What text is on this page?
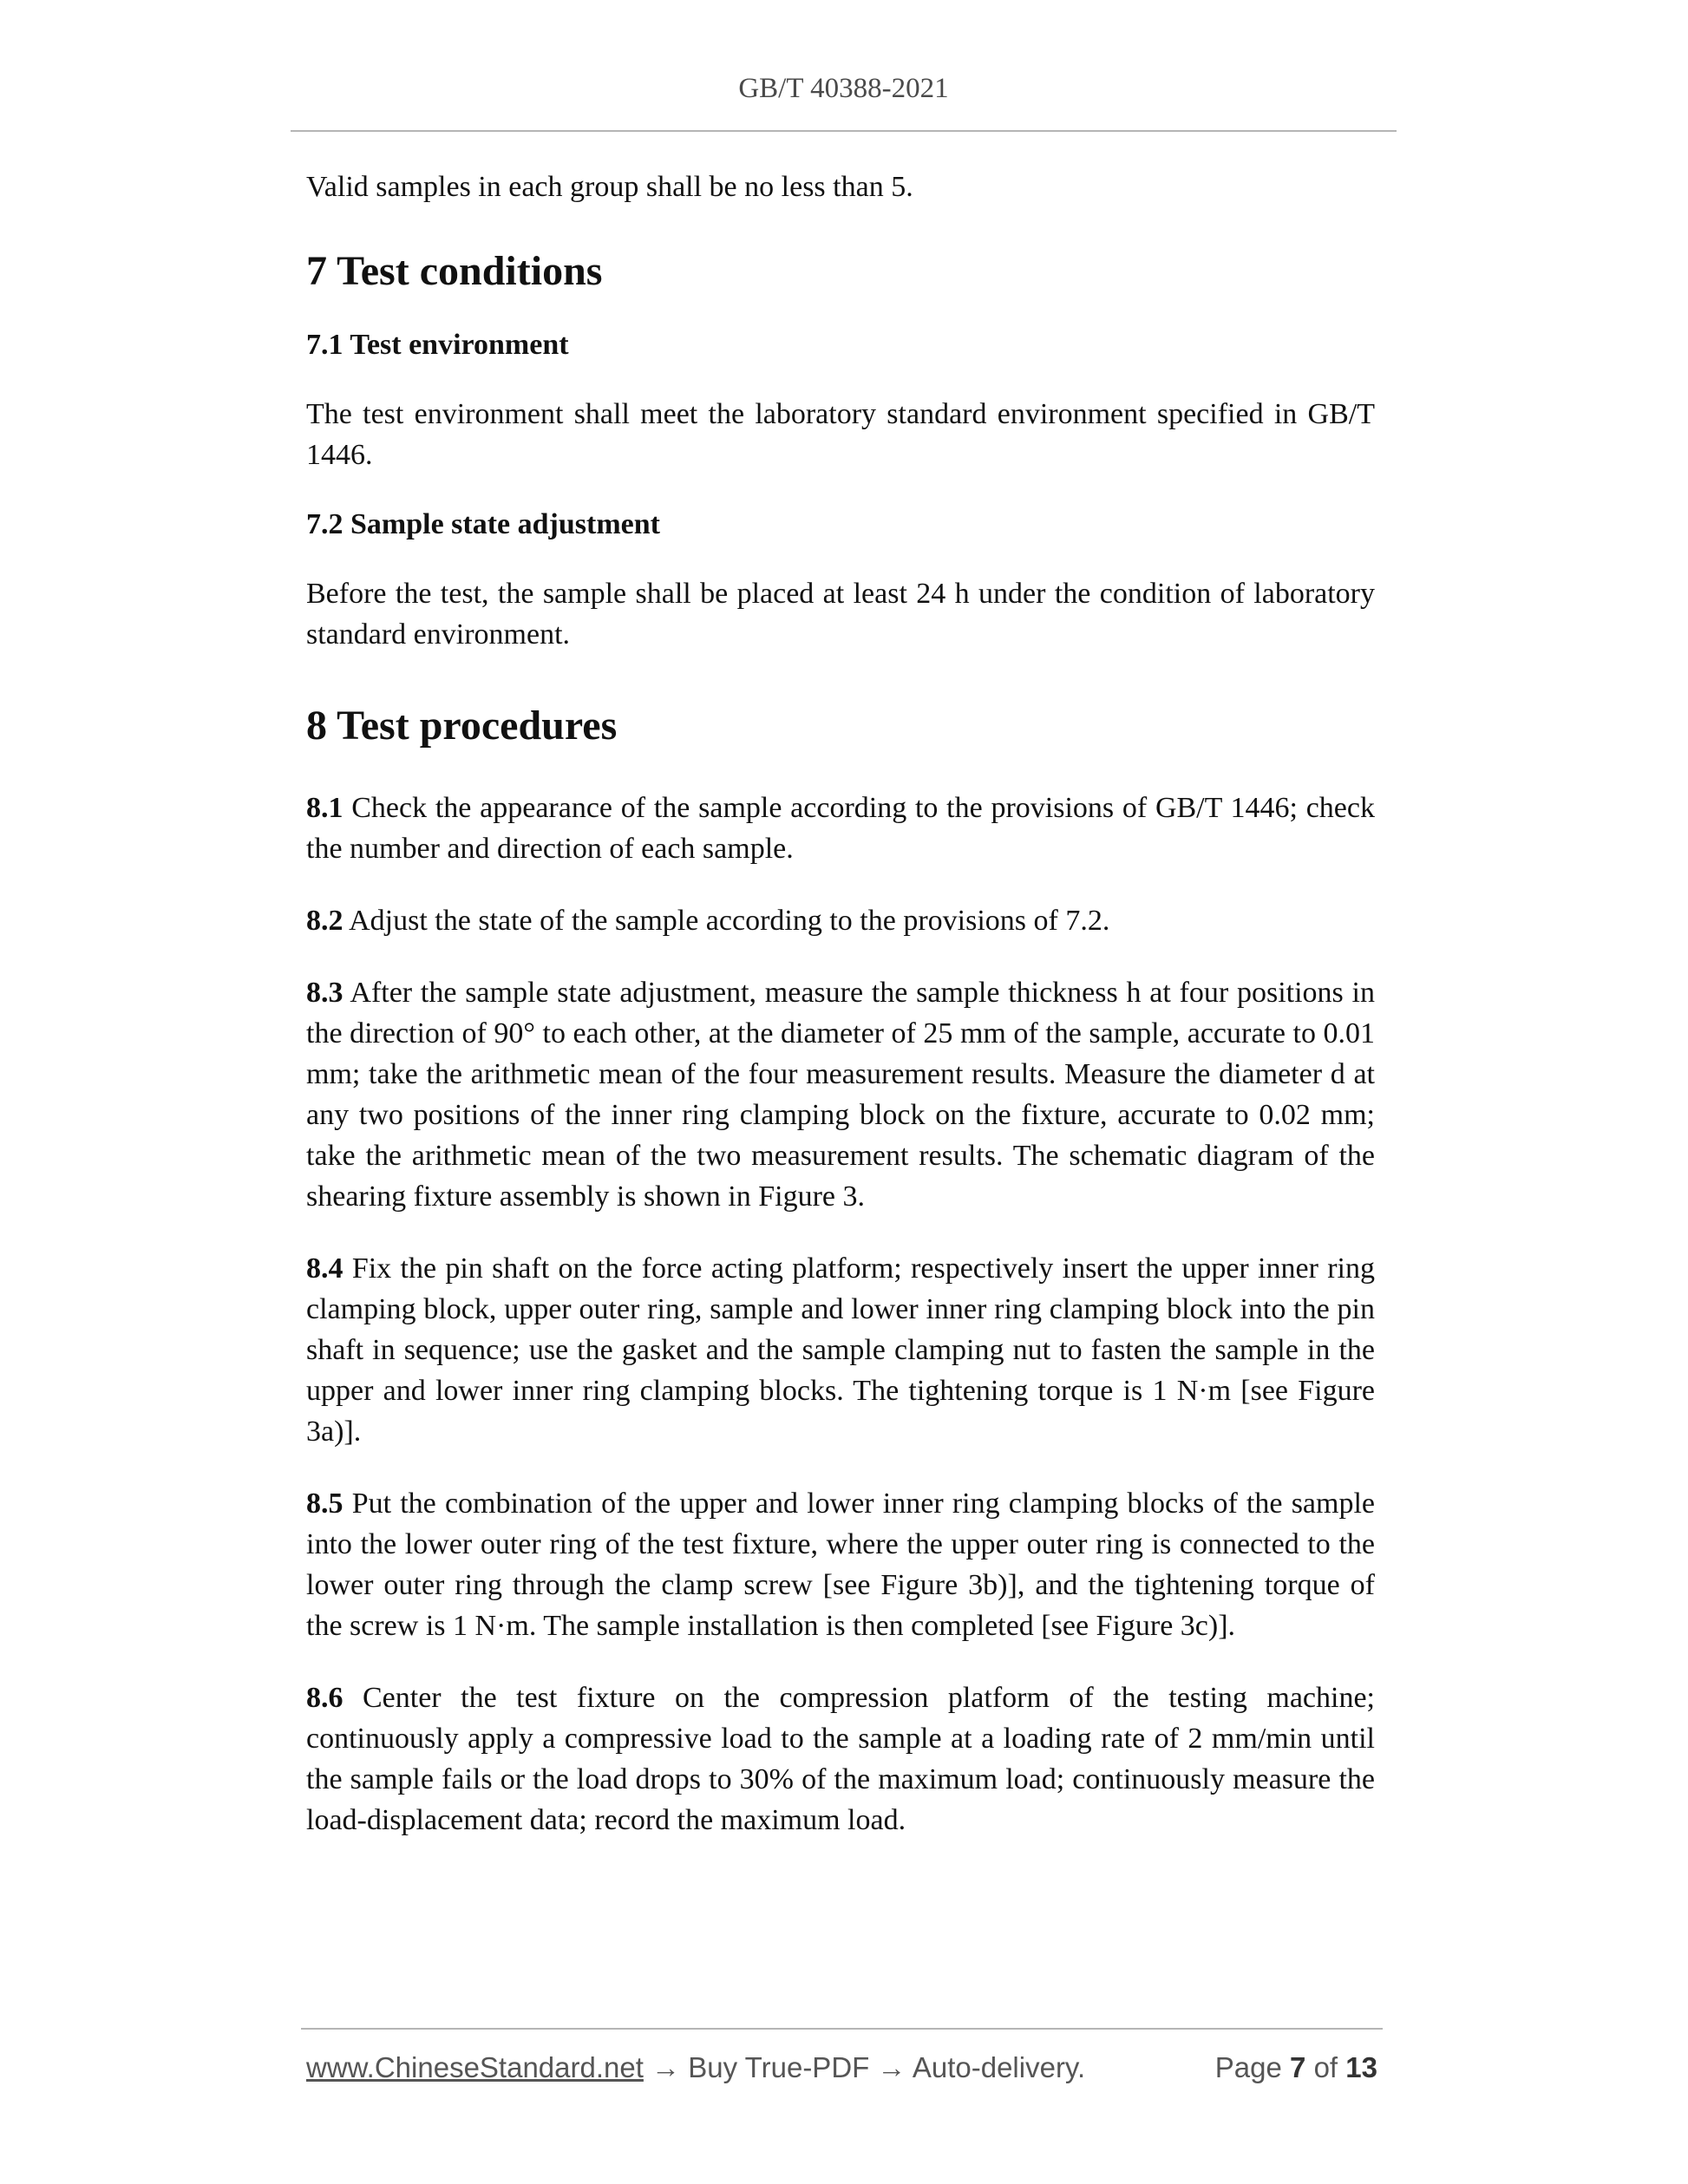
GB/T 40388-2021

Valid samples in each group shall be no less than 5.

7 Test conditions
7.1 Test environment

The test environment shall meet the laboratory standard environment specified in GB/T 1446.

7.2 Sample state adjustment

Before the test, the sample shall be placed at least 24 h under the condition of laboratory standard environment.

8 Test procedures

8.1 Check the appearance of the sample according to the provisions of GB/T 1446; check the number and direction of each sample.

8.2 Adjust the state of the sample according to the provisions of 7.2.

8.3 After the sample state adjustment, measure the sample thickness h at four positions in the direction of 90° to each other, at the diameter of 25 mm of the sample, accurate to 0.01 mm; take the arithmetic mean of the four measurement results. Measure the diameter d at any two positions of the inner ring clamping block on the fixture, accurate to 0.02 mm; take the arithmetic mean of the two measurement results. The schematic diagram of the shearing fixture assembly is shown in Figure 3.

8.4 Fix the pin shaft on the force acting platform; respectively insert the upper inner ring clamping block, upper outer ring, sample and lower inner ring clamping block into the pin shaft in sequence; use the gasket and the sample clamping nut to fasten the sample in the upper and lower inner ring clamping blocks. The tightening torque is 1 N·m [see Figure 3a)].

8.5 Put the combination of the upper and lower inner ring clamping blocks of the sample into the lower outer ring of the test fixture, where the upper outer ring is connected to the lower outer ring through the clamp screw [see Figure 3b)], and the tightening torque of the screw is 1 N·m. The sample installation is then completed [see Figure 3c)].

8.6 Center the test fixture on the compression platform of the testing machine; continuously apply a compressive load to the sample at a loading rate of 2 mm/min until the sample fails or the load drops to 30% of the maximum load; continuously measure the load-displacement data; record the maximum load.

www.ChineseStandard.net → Buy True-PDF → Auto-delivery.	Page 7 of 13
